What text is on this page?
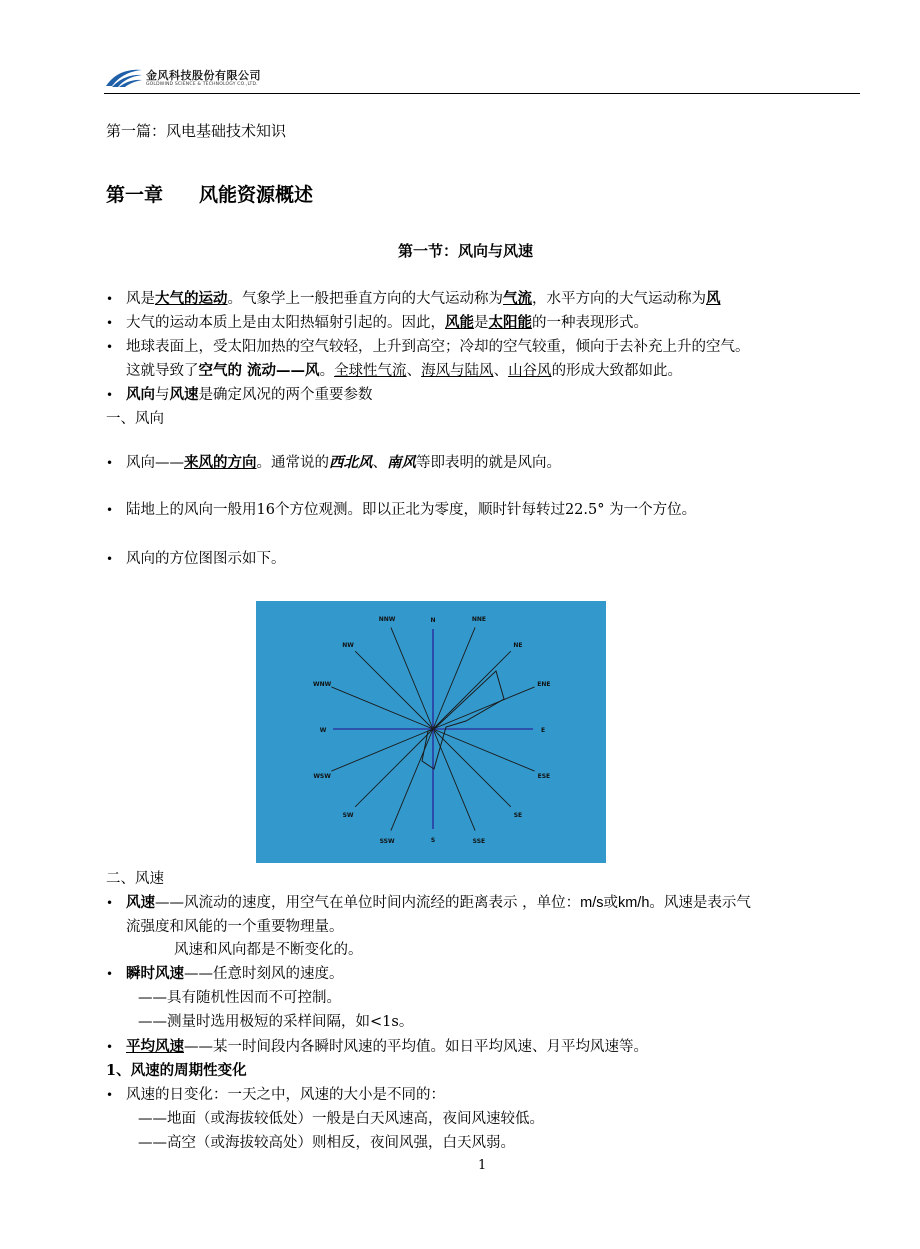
金风科技股份有限公司
GOLDWIND SCIENCE & TECHNOLOGY CO.,LTD.
第一篇：风电基础技术知识
第一章 风能资源概述
第一节：风向与风速
• 风是大气的运动。气象学上一般把垂直方向的大气运动称为气流，水平方向的大气运动称为风
• 大气的运动本质上是由太阳热辐射引起的。因此，风能是太阳能的一种表现形式。
• 地球表面上，受太阳加热的空气较轻，上升到高空；冷却的空气较重，倾向于去补充上升的空气。
这就导致了空气的 流动——风。全球性气流、海风与陆风、山谷风的形成大致都如此。
• 风向与风速是确定风况的两个重要参数
一、风向
• 风向——来风的方向。通常说的西北风、南风等即表明的就是风向。
• 陆地上的风向一般用16个方位观测。即以正北为零度，顺时针每转过22.5° 为一个方位。
• 风向的方位图图示如下。
N	NNE
NE
ENE
E
ESE
SE
SSE
S
SSW
SW
WSW
W
WNW
NW
NNW
二、风速
• 风速——风流动的速度，用空气在单位时间内流经的距离表示 ，单位：m/s或km/h。风速是表示气
流强度和风能的一个重要物理量。
风速和风向都是不断变化的。
• 瞬时风速——任意时刻风的速度。
——具有随机性因而不可控制。
——测量时选用极短的采样间隔，如<1s。
• 平均风速——某一时间段内各瞬时风速的平均值。如日平均风速、月平均风速等。
1、风速的周期性变化
• 风速的日变化：一天之中，风速的大小是不同的：
——地面（或海拔较低处）一般是白天风速高，夜间风速较低。
——高空（或海拔较高处）则相反，夜间风强，白天风弱。
1
